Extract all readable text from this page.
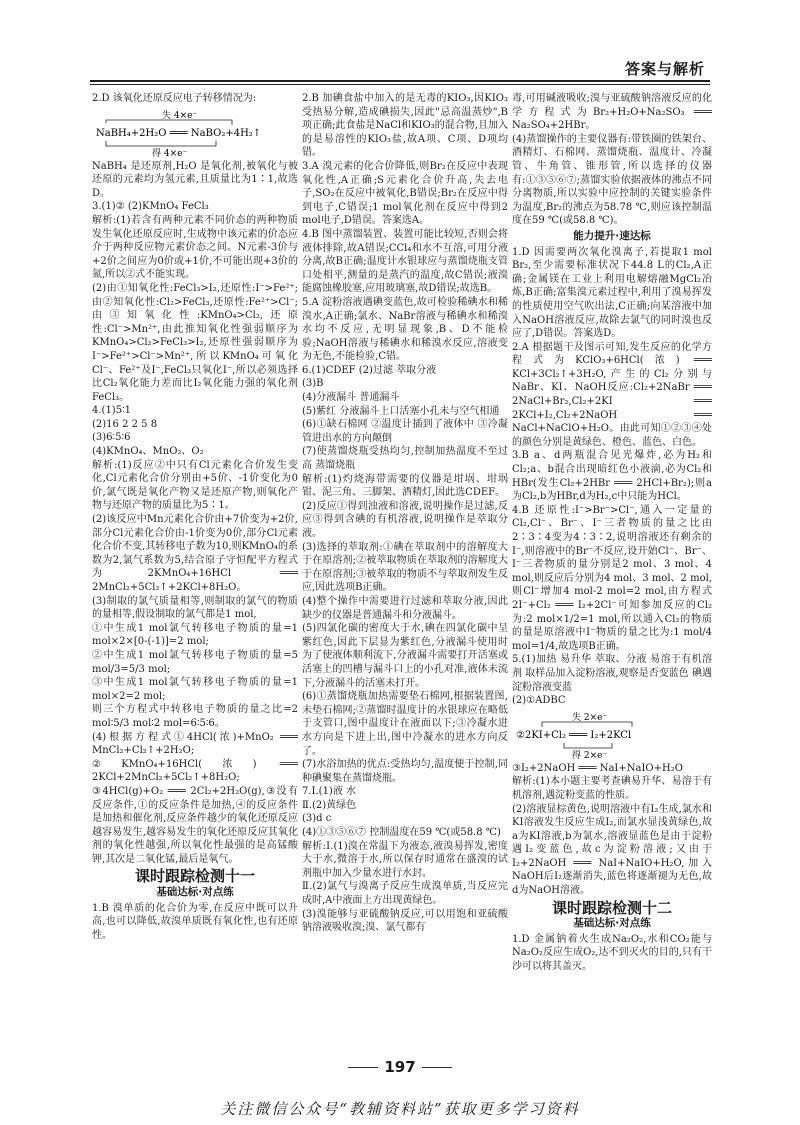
答案与解析

2.D 该氧化还原反应电子转移情况为:

失 4×e⁻
NaBH₄+2H₂O ═══ NaBO₂+4H₂↑
得 4×e⁻

NaBH₄ 是还原剂,H₂O 是氧化剂,被氧化与被还原的元素均为氢元素,且质量比为1∶1,故选 D。

3.(1)② (2)KMnO₄ FeCl₃

解析:(1)若含有两种元素不同价态的两种物质发生氧化还原反应时,生成物中该元素的价态应介于两种反应物元素价态之间。N元素-3价与+2价之间应为0价或+1价,不可能出现+3价的氮,所以②式不能实现。

(2)由①知氧化性:FeCl₃>I₂,还原性:I⁻>Fe²⁺;由②知氧化性:Cl₂>FeCl₃,还原性:Fe²⁺>Cl⁻;由③知氧化性:KMnO₄>Cl₂,还原性:Cl⁻>Mn²⁺,由此推知氧化性强弱顺序为KMnO₄>Cl₂>FeCl₃>I₂,还原性强弱顺序为I⁻>Fe²⁺>Cl⁻>Mn²⁺,所以KMnO₄可氧化Cl⁻、Fe²⁺及I⁻,FeCl₃只氧化I⁻,所以必须选择比Cl₂氧化能力差而比I₂氧化能力强的氧化剂FeCl₃。

4.(1)5∶1

(2)16 2 2 5 8

(3)6∶5∶6

(4)KMnO₄、MnO₂、O₂

解析:(1)反应②中只有Cl元素化合价发生变化,Cl元素化合价分别由+5价、-1价变化为0价,氯气既是氧化产物又是还原产物,则氧化产物与还原产物的质量比为5∶1。

(2)该反应中Mn元素化合价由+7价变为+2价,部分Cl元素化合价由-1价变为0价,部分Cl元素化合价不变,其转移电子数为10,则KMnO₄的系数为2,氯气系数为5,结合原子守恒配平方程式为2KMnO₄+16HCl ═══ 2MnCl₂+5Cl₂↑+2KCl+8H₂O。

(3)制取的氯气质量相等,则制取的氯气的物质的量相等,假设制取的氯气都是1 mol,

①中生成1 mol氯气转移电子物质的量=1 mol×2×[0-(-1)]=2 mol;

②中生成1 mol氯气转移电子物质的量=5 mol/3=5/3 mol;

③中生成1 mol氯气转移电子物质的量=1 mol×2=2 mol;

则三个方程式中转移电子物质的量之比=2 mol∶5/3 mol∶2 mol=6∶5∶6。

(4)根据方程式①4HCl(浓)+MnO₂ ═══ MnCl₂+Cl₂↑+2H₂O;

②KMnO₄+16HCl(浓) ═══ 2KCl+2MnCl₂+5Cl₂↑+8H₂O;

③4HCl(g)+O₂ ═══ 2Cl₂+2H₂O(g),③没有反应条件,①的反应条件是加热,④的反应条件是加热和催化剂,反应条件越少的氧化还原反应越容易发生,越容易发生的氧化还原反应其氧化剂的氧化性越强,所以氧化性最强的是高锰酸钾,其次是二氧化锰,最后是氧气。

课时跟踪检测十一
基础达标·对点练

1.B 溴单质的化合价为零,在反应中既可以升高,也可以降低,故溴单质既有氧化性,也有还原性。

2.B 加碘食盐中加入的是无毒的KIO₃,因KIO₃受热易分解,造成碘损失,因此"忌高温蒸炒",B项正确;此食盐是NaCl和KIO₃的混合物,且加入的是易溶性的KIO₃盐,故A项、C项、D项均错。

3.A 溴元素的化合价降低,则Br₂在反应中表现氧化性,A正确;S元素化合价升高,失去电子,SO₂在反应中被氧化,B错误;Br₂在反应中得到电子,C错误;1 mol氧化剂在反应中得到2 mol电子,D错误。答案选A。

4.B 图中蒸馏装置、装置可能比较短,否则会将液体排除,故A错误;CCl₄和水不互溶,可用分液分离,故B正确;温度计水银球应与蒸馏烧瓶支管口处相平,测量的是蒸汽的温度,故C错误;液溴能腐蚀橡胶塞,应用玻璃塞,故D错误;故选B。

5.A 淀粉溶液遇碘变蓝色,故可检验稀碘水和稀溴水,A正确;氯水、NaBr溶液与稀碘水和稀溴水均不反应,无明显现象,B、D不能检验;NaOH溶液与稀碘水和稀溴水反应,溶液变为无色,不能检验,C错。

6.(1)CDEF (2)过滤 萃取分液

(3)B

(4)分液漏斗 普通漏斗

(5)紫红 分液漏斗上口活塞小孔未与空气相通

(6)①缺石棉网 ②温度计插到了液体中 ③冷凝管进出水的方向颠倒

(7)使蒸馏烧瓶受热均匀,控制加热温度不至过高 蒸馏烧瓶

解析:(1)灼烧海带需要的仪器是坩埚、坩埚钳、泥三角、三脚架、酒精灯,因此选CDEF。

(2)反应①得到浊液和溶液,说明操作是过滤,反应③得到含碘的有机溶液,说明操作是萃取分液。

(3)选择的萃取剂:①碘在萃取剂中的溶解度大于在原溶剂;②被萃取物质在萃取剂的溶解度大于在原溶剂;③被萃取的物质不与萃取剂发生反应,因此选项B正确。

(4)整个操作中需要进行过滤和萃取分液,因此缺少的仪器是普通漏斗和分液漏斗。

(5)四氯化碳的密度大于水,碘在四氯化碳中呈紫红色,因此下层显为紫红色,分液漏斗使用时为了使液体顺利流下,分液漏斗需要打开活塞或活塞上的凹槽与漏斗口上的小孔对准,液体未流下,分液漏斗的活塞未打开。

(6)①蒸馏烧瓶加热需要垫石棉网,根据装置图,未垫石棉网;②蒸馏时温度计的水银球应在略低于支管口,图中温度计在液面以下;③冷凝水进水方向是下进上出,图中冷凝水的进水方向反了。

(7)水浴加热的优点:受热均匀,温度便于控制,同种碘聚集在蒸馏烧瓶。

7.Ⅰ.(1)液 水

Ⅱ.(2)黄绿色

(3)d c

(4)①③⑤⑥⑦ 控制温度在59 ℃(或58.8 ℃)

解析:Ⅰ.(1)溴在常温下为液态,液溴易挥发,密度大于水,微溶于水,所以保存时通常在盛溴的试剂瓶中加入少量水进行水封。

Ⅱ.(2)氯气与溴离子反应生成溴单质,当反应完成时,A中液面上方出现黄绿色。

(3)溴能够与亚硫酸钠反应,可以用饱和亚硫酸钠溶液吸收溴;溴、氯气都有

毒,可用碱液吸收;溴与亚硫酸钠溶液反应的化学方程式为Br₂+H₂O+Na₂SO₃ ═══ Na₂SO₄+2HBr。

(4)蒸馏操作的主要仪器有:带铁圈的铁架台、酒精灯、石棉网、蒸馏烧瓶、温度计、冷凝管、牛角管、锥形管,所以选择的仪器有:①③⑤⑥⑦;蒸馏实验依据液体的沸点不同分离物质,所以实验中应控制的关键实验条件为温度,Br₂的沸点为58.78 ℃,则应该控制温度在59 ℃(或58.8 ℃)。

能力提升·速达标

1.D 因需要两次氧化溴离子,若提取1 mol Br₂,至少需要标准状况下44.8 L的Cl₂,A正确;金属镁在工业上利用电解熔融MgCl₂冶炼,B正确;富集溴元素过程中,利用了溴易挥发的性质使用空气吹出法,C正确;向某溶液中加入NaOH溶液反应,故除去氯气的同时溴也反应了,D错误。答案选D。

2.A 根据题干及图示可知,发生反应的化学方程式为KClO₃+6HCl(浓) ═══ KCl+3Cl₂↑+3H₂O,产生的Cl₂分别与NaBr、KI、NaOH反应:Cl₂+2NaBr ═══ 2NaCl+Br₂,Cl₂+2KI ═══ 2KCl+I₂,Cl₂+2NaOH ═══ NaCl+NaClO+H₂O。由此可知①②③④处的颜色分别是黄绿色、橙色、蓝色、白色。

3.B a、d两瓶混合见光爆炸,必为H₂和Cl₂;a、b混合出现暗红色小液滴,必为Cl₂和HBr(发生Cl₂+2HBr ═══ 2HCl+Br₂);则a为Cl₂,b为HBr,d为H₂,c中只能为HCl。

4.B 还原性:I⁻>Br⁻>Cl⁻,通入一定量的Cl₂,Cl⁻、Br⁻、I⁻三者物质的量之比由2∶3∶4变为4∶3∶2,说明溶液还有剩余的I⁻,则溶液中的Br⁻不反应,设开始Cl⁻、Br⁻、I⁻三者物质的量分别是2 mol、3 mol、4 mol,则反应后分别为4 mol、3 mol、2 mol,则Cl⁻增加4 mol-2 mol=2 mol,由方程式2I⁻+Cl₂ ═══ I₂+2Cl⁻可知参加反应的Cl₂为:2 mol×1/2=1 mol,所以通入Cl₂的物质的量是原溶液中I⁻物质的量之比为:1 mol/4 mol=1/4,故选项B正确。

5.(1)加热 易升华 萃取、分液 易溶于有机溶剂 取样品加入淀粉溶液,观察是否变蓝色 碘遇淀粉溶液变蓝

(2)①ADBC

失 2×e⁻
②2KI+Cl₂ ═══ I₂+2KCl
得 2×e⁻

③I₂+2NaOH ═══ NaI+NaIO+H₂O

解析:(1)本小题主要考查碘易升华、易溶于有机溶剂,遇淀粉变蓝的性质。

(2)溶液显棕黄色,说明溶液中有I₂生成,氯水和KI溶液发生反应生成I₂,而氯水显浅黄绿色,故a为KI溶液,b为氯水,溶液显蓝色是由于淀粉遇I₂变蓝色,故c为淀粉溶液;又由于I₂+2NaOH ═══ NaI+NaIO+H₂O,加入NaOH后I₂逐渐消失,蓝色将逐渐褪为无色,故d为NaOH溶液。

课时跟踪检测十二
基础达标·对点练

1.D 金属钠着火生成Na₂O₂,水和CO₂能与Na₂O₂反应生成O₂,达不到灭火的目的,只有干沙可以将其盖灭。

197
关注微信公众号“教辅资料站”获取更多学习资料
